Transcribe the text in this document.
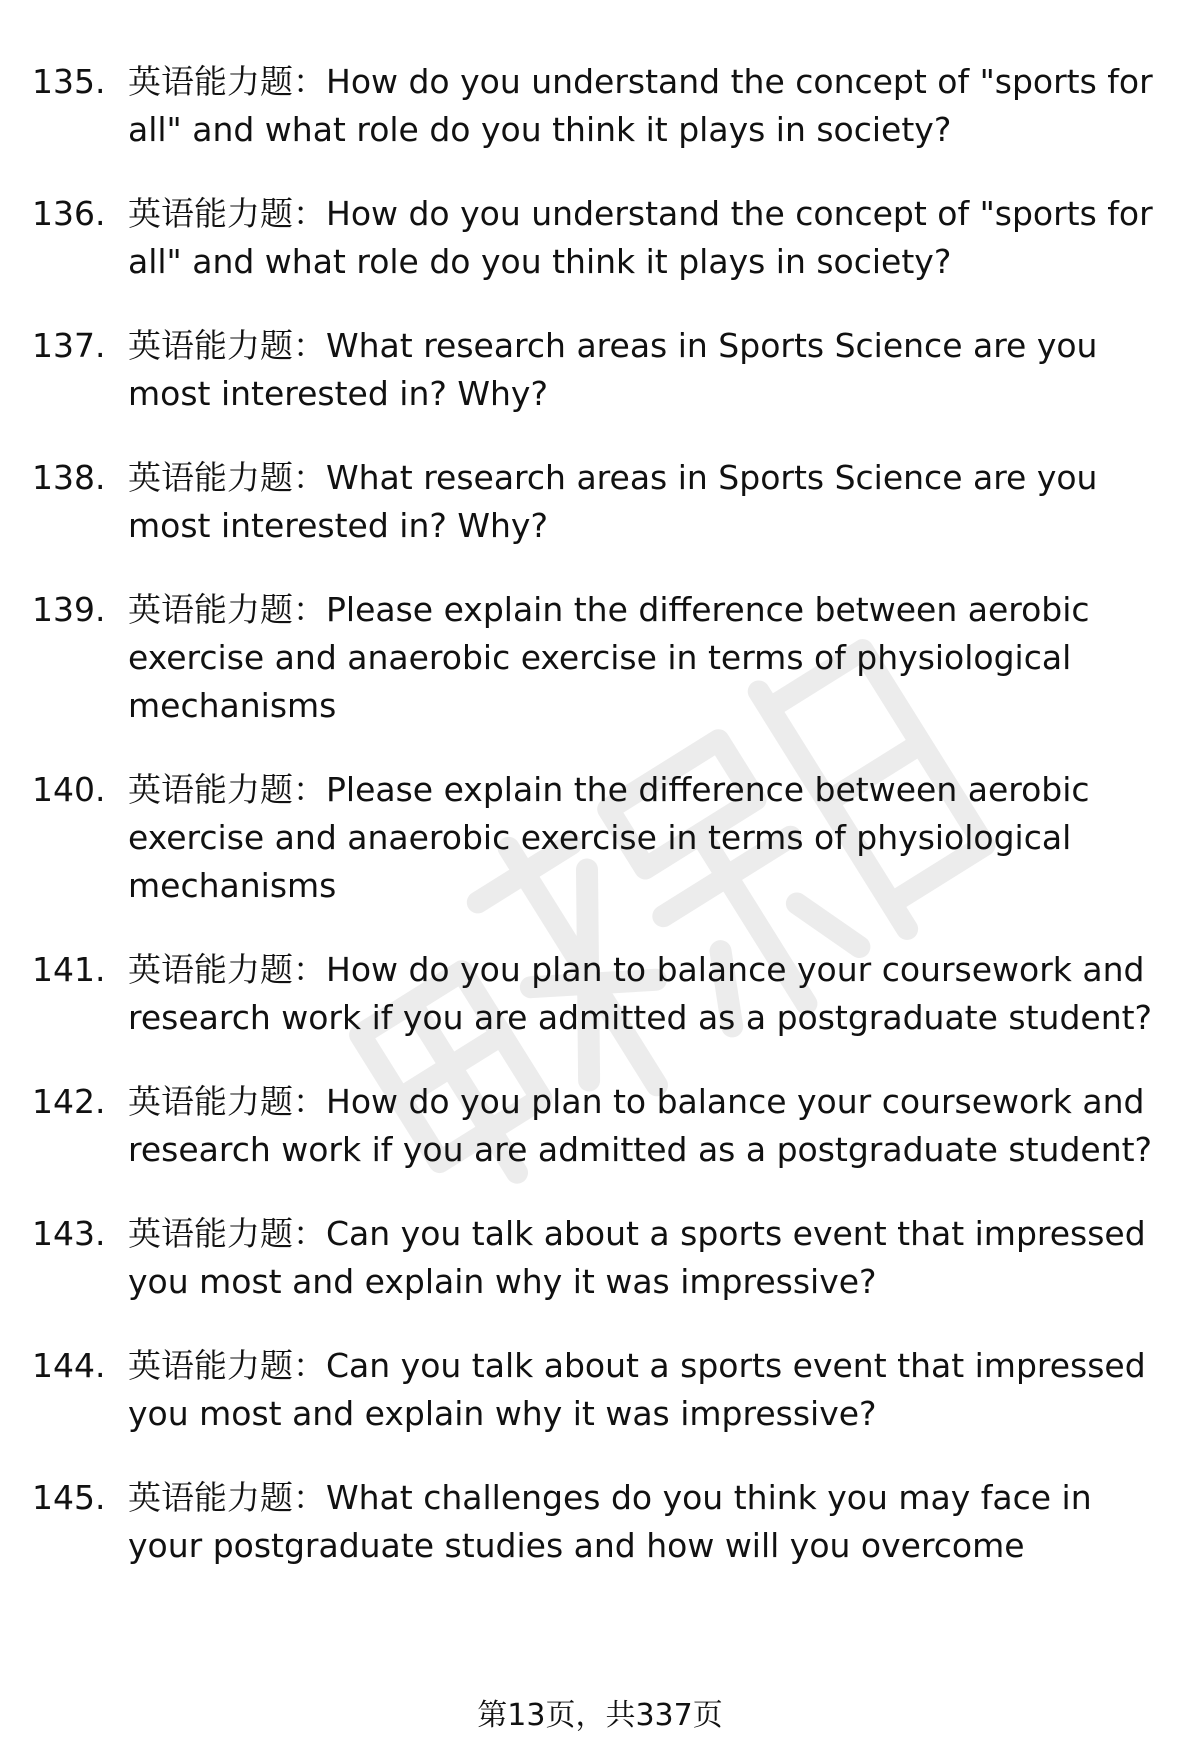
135. 英语能力题：How do you understand the concept of "sports for all" and what role do you think it plays in society?
136. 英语能力题：How do you understand the concept of "sports for all" and what role do you think it plays in society?
137. 英语能力题：What research areas in Sports Science are you most interested in? Why?
138. 英语能力题：What research areas in Sports Science are you most interested in? Why?
139. 英语能力题：Please explain the difference between aerobic exercise and anaerobic exercise in terms of physiological mechanisms
140. 英语能力题：Please explain the difference between aerobic exercise and anaerobic exercise in terms of physiological mechanisms
141. 英语能力题：How do you plan to balance your coursework and research work if you are admitted as a postgraduate student?
142. 英语能力题：How do you plan to balance your coursework and research work if you are admitted as a postgraduate student?
143. 英语能力题：Can you talk about a sports event that impressed you most and explain why it was impressive?
144. 英语能力题：Can you talk about a sports event that impressed you most and explain why it was impressive?
145. 英语能力题：What challenges do you think you may face in your postgraduate studies and how will you overcome
第13页，共337页
